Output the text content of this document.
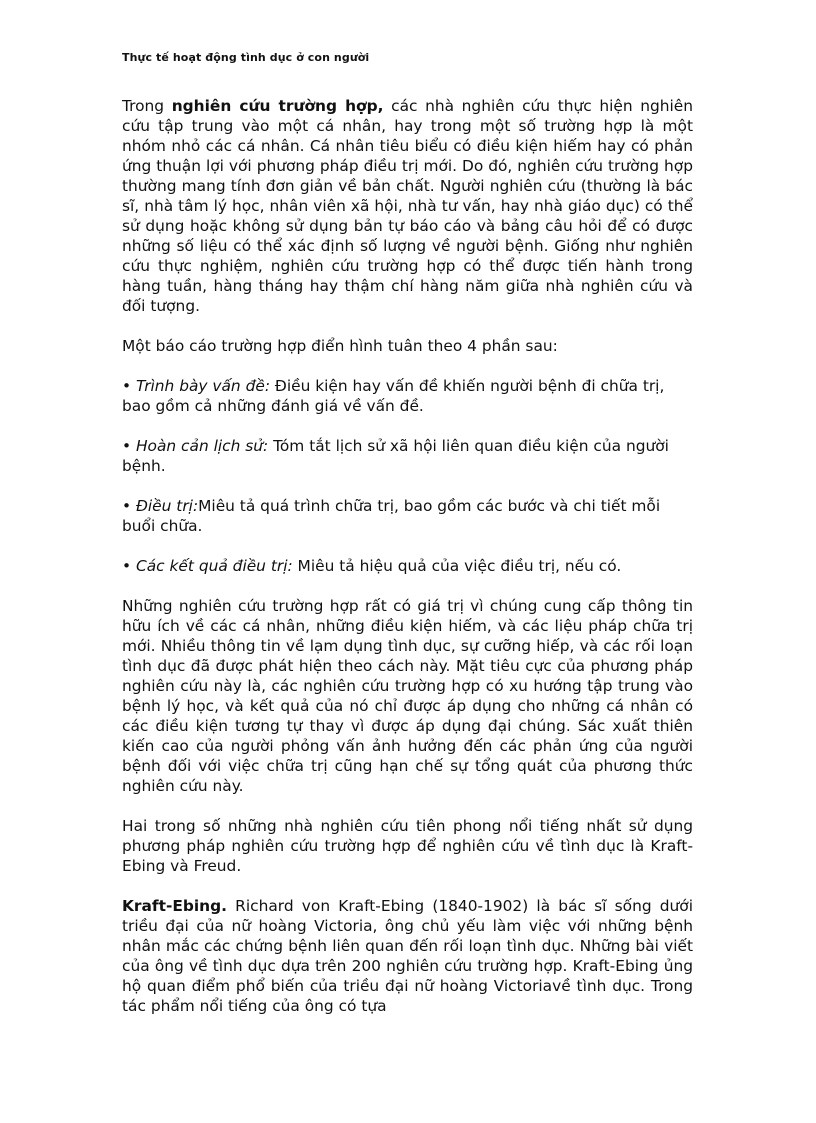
Thực tế hoạt động tình dục ở con người

Trong nghiên cứu trường hợp, các nhà nghiên cứu thực hiện nghiên cứu tập trung vào một cá nhân, hay trong một số trường hợp là một nhóm nhỏ các cá nhân. Cá nhân tiêu biểu có điều kiện hiếm hay có phản ứng thuận lợi với phương pháp điều trị mới. Do đó, nghiên cứu trường hợp thường mang tính đơn giản về bản chất. Người nghiên cứu (thường là bác sĩ, nhà tâm lý học, nhân viên xã hội, nhà tư vấn, hay nhà giáo dục) có thể sử dụng hoặc không sử dụng bản tự báo cáo và bảng câu hỏi để có được những số liệu có thể xác định số lượng về người bệnh. Giống như nghiên cứu thực nghiệm, nghiên cứu trường hợp có thể được tiến hành trong hàng tuần, hàng tháng hay thậm chí hàng năm giữa nhà nghiên cứu và đối tượng.

Một báo cáo trường hợp điển hình tuân theo 4 phần sau:

• Trình bày vấn đề: Điều kiện hay vấn đề khiến người bệnh đi chữa trị, bao gồm cả những đánh giá về vấn đề.

• Hoàn cản lịch sử: Tóm tắt lịch sử xã hội liên quan điều kiện của người bệnh.

• Điều trị:Miêu tả quá trình chữa trị, bao gồm các bước và chi tiết mỗi buổi chữa.

• Các kết quả điều trị: Miêu tả hiệu quả của việc điều trị, nếu có.

Những nghiên cứu trường hợp rất có giá trị vì chúng cung cấp thông tin hữu ích về các cá nhân, những điều kiện hiếm, và các liệu pháp chữa trị mới. Nhiều thông tin về lạm dụng tình dục, sự cưỡng hiếp, và các rối loạn tình dục đã được phát hiện theo cách này. Mặt tiêu cực của phương pháp nghiên cứu này là, các nghiên cứu trường hợp có xu hướng tập trung vào bệnh lý học, và kết quả của nó chỉ được áp dụng cho những cá nhân có các điều kiện tương tự thay vì được áp dụng đại chúng. Sác xuất thiên kiến cao của người phỏng vấn ảnh hưởng đến các phản ứng của người bệnh đối với việc chữa trị cũng hạn chế sự tổng quát của phương thức nghiên cứu này.

Hai trong số những nhà nghiên cứu tiên phong nổi tiếng nhất sử dụng phương pháp nghiên cứu trường hợp để nghiên cứu về tình dục là Kraft-Ebing và Freud.

Kraft-Ebing. Richard von Kraft-Ebing (1840-1902) là bác sĩ sống dưới triều đại của nữ hoàng Victoria, ông chủ yếu làm việc với những bệnh nhân mắc các chứng bệnh liên quan đến rối loạn tình dục. Những bài viết của ông về tình dục dựa trên 200 nghiên cứu trường hợp. Kraft-Ebing ủng hộ quan điểm phổ biến của triều đại nữ hoàng Victoriavề tình dục. Trong tác phẩm nổi tiếng của ông có tựa
